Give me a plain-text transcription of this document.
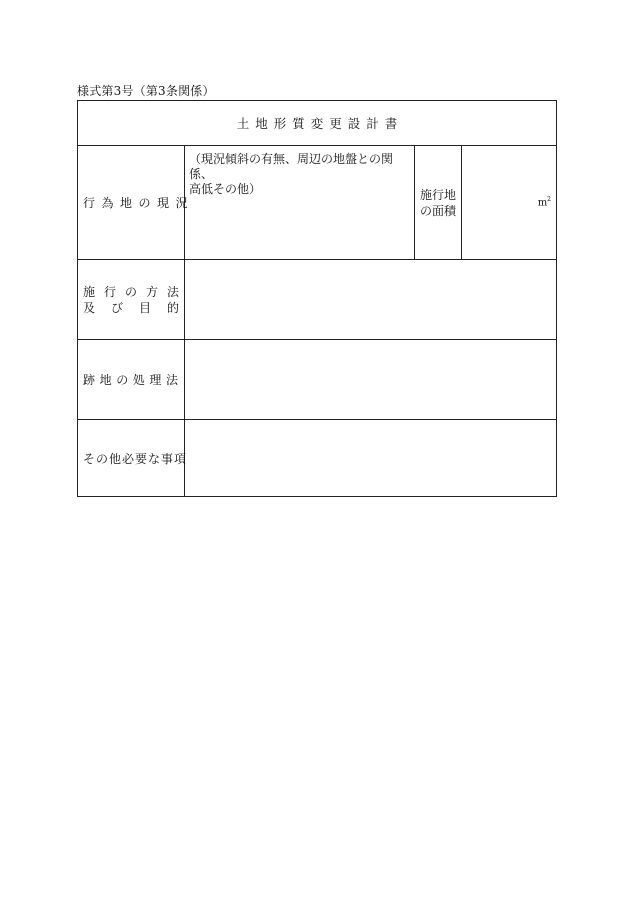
様式第3号（第3条関係）
土地形質変更設計書
行為地の現況
（現況傾斜の有無、周辺の地盤との関係、
高低その他）	施行地
の面積
$m^2$
施 行 の 方 法
及 び 目 的
跡地の処理法
その他必要な事項
